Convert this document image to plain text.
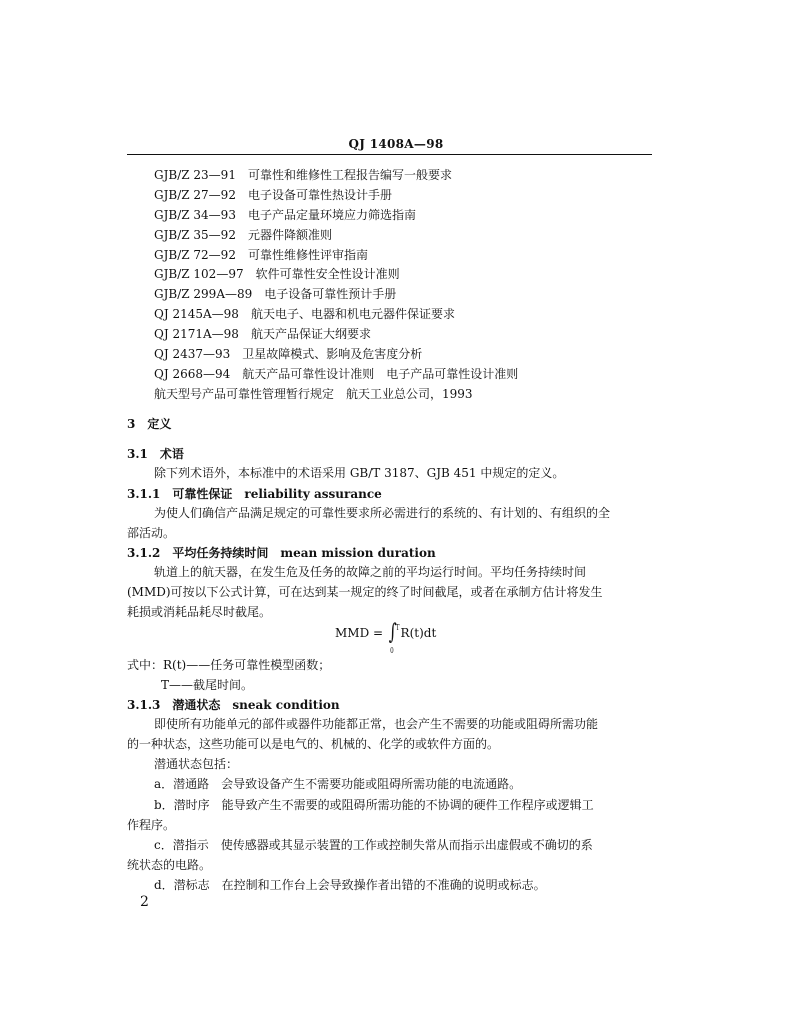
QJ 1408A—98
GJB/Z 23—91　可靠性和维修性工程报告编写一般要求
GJB/Z 27—92　电子设备可靠性热设计手册
GJB/Z 34—93　电子产品定量环境应力筛选指南
GJB/Z 35—92　元器件降额准则
GJB/Z 72—92　可靠性维修性评审指南
GJB/Z 102—97　软件可靠性安全性设计准则
GJB/Z 299A—89　电子设备可靠性预计手册
QJ 2145A—98　航天电子、电器和机电元器件保证要求
QJ 2171A—98　航天产品保证大纲要求
QJ 2437—93　卫星故障模式、影响及危害度分析
QJ 2668—94　航天产品可靠性设计准则　电子产品可靠性设计准则
航天型号产品可靠性管理暂行规定　航天工业总公司，1993
3　定义
3.1　术语
除下列术语外，本标准中的术语采用 GB/T 3187、GJB 451 中规定的定义。
3.1.1　可靠性保证　reliability assurance
为使人们确信产品满足规定的可靠性要求所必需进行的系统的、有计划的、有组织的全
部活动。
3.1.2　平均任务持续时间　mean mission duration
轨道上的航天器，在发生危及任务的故障之前的平均运行时间。平均任务持续时间
(MMD)可按以下公式计算，可在达到某一规定的终了时间截尾，或者在承制方估计将发生
耗损或消耗品耗尽时截尾。
MMD = ∫
T
0
R(t)dt
式中：R(t)——任务可靠性模型函数；
T——截尾时间。
3.1.3　潜通状态　sneak condition
即使所有功能单元的部件或器件功能都正常，也会产生不需要的功能或阻碍所需功能
的一种状态，这些功能可以是电气的、机械的、化学的或软件方面的。
潜通状态包括：
a．潜通路　会导致设备产生不需要功能或阻碍所需功能的电流通路。
b．潜时序　能导致产生不需要的或阻碍所需功能的不协调的硬件工作程序或逻辑工
作程序。
c．潜指示　使传感器或其显示装置的工作或控制失常从而指示出虚假或不确切的系
统状态的电路。
d．潜标志　在控制和工作台上会导致操作者出错的不准确的说明或标志。
2
